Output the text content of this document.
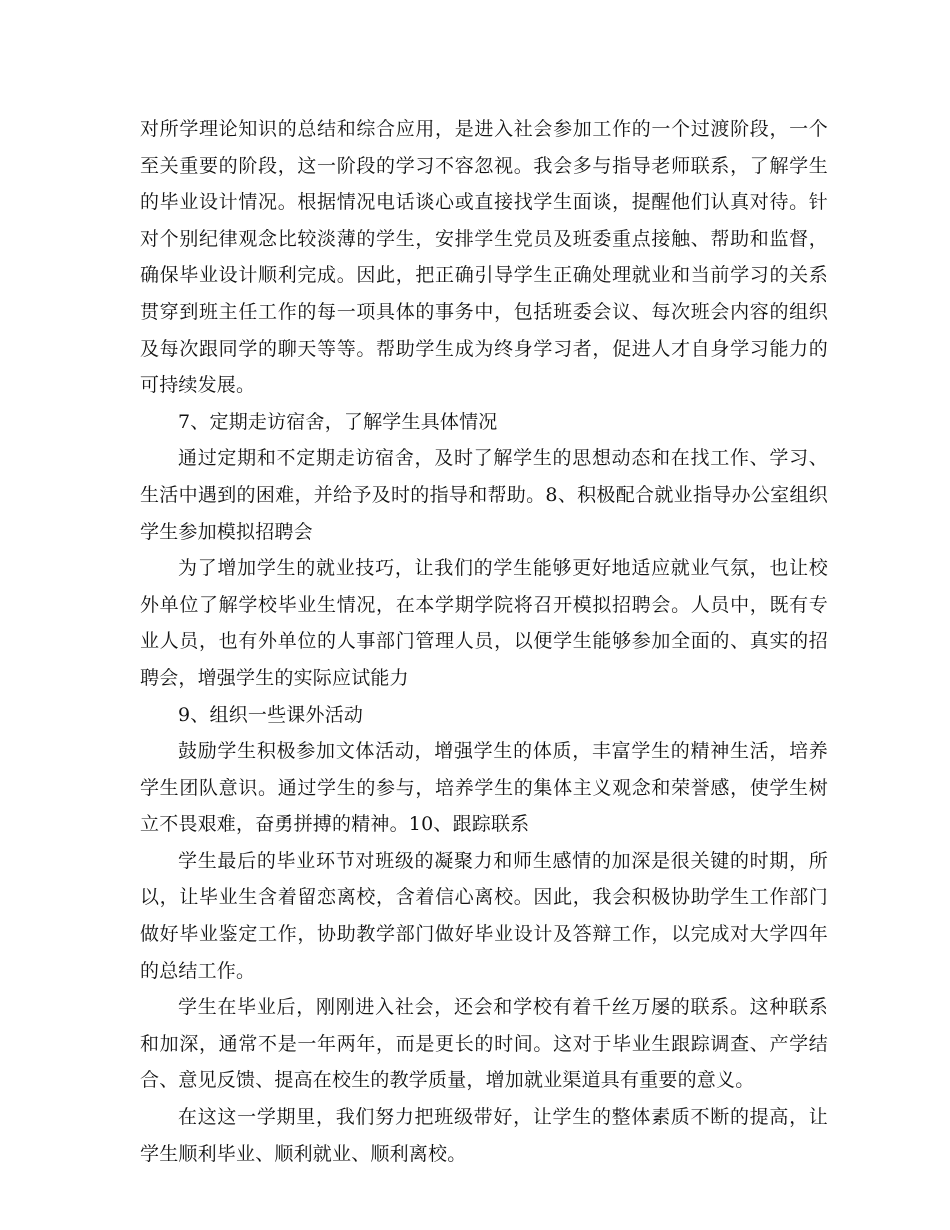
对所学理论知识的总结和综合应用，是进入社会参加工作的一个过渡阶段，一个至关重要的阶段，这一阶段的学习不容忽视。我会多与指导老师联系，了解学生的毕业设计情况。根据情况电话谈心或直接找学生面谈，提醒他们认真对待。针对个别纪律观念比较淡薄的学生，安排学生党员及班委重点接触、帮助和监督，确保毕业设计顺利完成。因此，把正确引导学生正确处理就业和当前学习的关系贯穿到班主任工作的每一项具体的事务中，包括班委会议、每次班会内容的组织及每次跟同学的聊天等等。帮助学生成为终身学习者，促进人才自身学习能力的可持续发展。

7、定期走访宿舍，了解学生具体情况

通过定期和不定期走访宿舍，及时了解学生的思想动态和在找工作、学习、生活中遇到的困难，并给予及时的指导和帮助。8、积极配合就业指导办公室组织学生参加模拟招聘会

为了增加学生的就业技巧，让我们的学生能够更好地适应就业气氛，也让校外单位了解学校毕业生情况，在本学期学院将召开模拟招聘会。人员中，既有专业人员，也有外单位的人事部门管理人员，以便学生能够参加全面的、真实的招聘会，增强学生的实际应试能力

9、组织一些课外活动

鼓励学生积极参加文体活动，增强学生的体质，丰富学生的精神生活，培养学生团队意识。通过学生的参与，培养学生的集体主义观念和荣誉感，使学生树立不畏艰难，奋勇拼搏的精神。10、跟踪联系

学生最后的毕业环节对班级的凝聚力和师生感情的加深是很关键的时期，所以，让毕业生含着留恋离校，含着信心离校。因此，我会积极协助学生工作部门做好毕业鉴定工作，协助教学部门做好毕业设计及答辩工作，以完成对大学四年的总结工作。

学生在毕业后，刚刚进入社会，还会和学校有着千丝万屡的联系。这种联系和加深，通常不是一年两年，而是更长的时间。这对于毕业生跟踪调查、产学结合、意见反馈、提高在校生的教学质量，增加就业渠道具有重要的意义。

在这这一学期里，我们努力把班级带好，让学生的整体素质不断的提高，让学生顺利毕业、顺利就业、顺利离校。
